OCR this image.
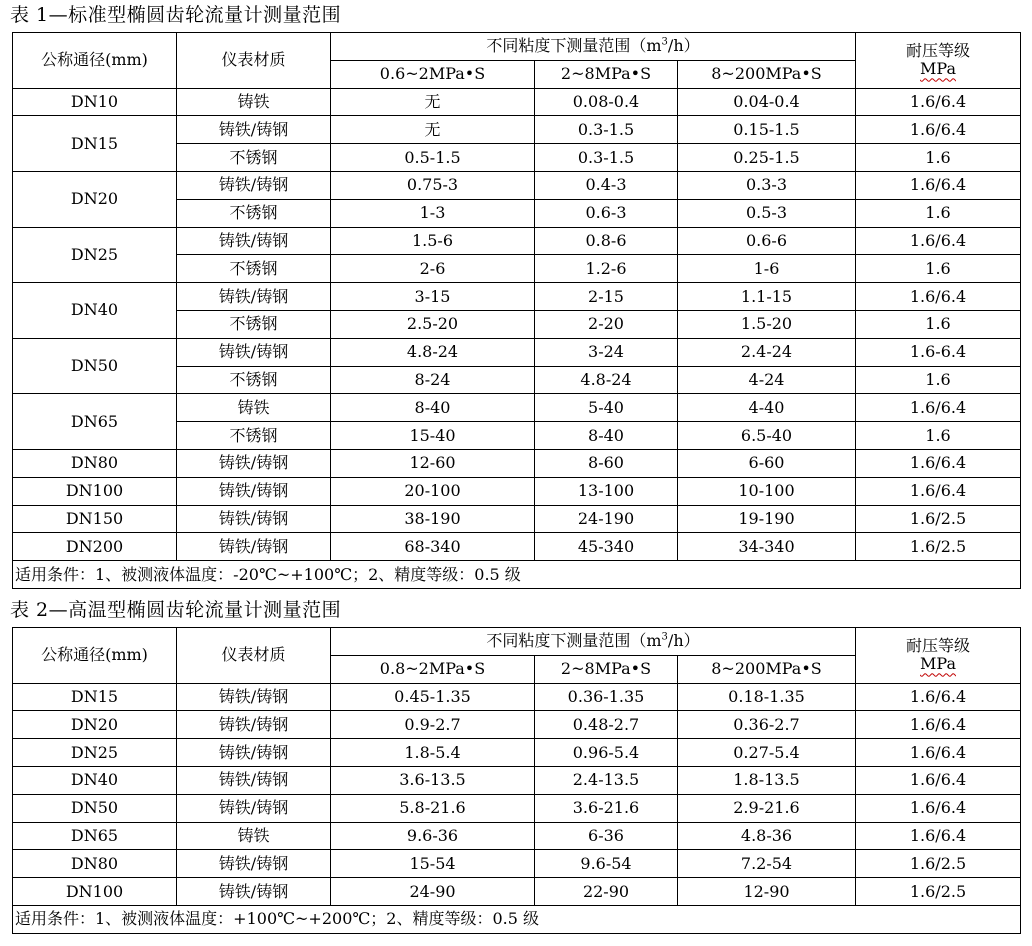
表 1—标准型椭圆齿轮流量计测量范围
公称通径(mm)	仪表材质	不同粘度下测量范围$(m^3/h)$			耐压等级
MPa

		0.6~2MPa•S	2~8MPa•S	8~200MPa•S	
DN10	铸铁	无	0.08-0.4	0.04-0.4	1.6/6.4
DN15	铸铁/铸钢	无	0.3-1.5	0.15-1.5	1.6/6.4
	不锈钢	0.5-1.5	0.3-1.5	0.25-1.5	1.6
DN20	铸铁/铸钢	0.75-3	0.4-3	0.3-3	1.6/6.4
	不锈钢	1-3	0.6-3	0.5-3	1.6
DN25	铸铁/铸钢	1.5-6	0.8-6	0.6-6	1.6/6.4
	不锈钢	2-6	1.2-6	1-6	1.6
DN40	铸铁/铸钢	3-15	2-15	1.1-15	1.6/6.4
	不锈钢	2.5-20	2-20	1.5-20	1.6
DN50	铸铁/铸钢	4.8-24	3-24	2.4-24	1.6-6.4
	不锈钢	8-24	4.8-24	4-24	1.6
DN65	铸铁	8-40	5-40	4-40	1.6/6.4
	不锈钢	15-40	8-40	6.5-40	1.6
DN80	铸铁/铸钢	12-60	8-60	6-60	1.6/6.4
DN100	铸铁/铸钢	20-100	13-100	10-100	1.6/6.4
DN150	铸铁/铸钢	38-190	24-190	19-190	1.6/2.5
DN200	铸铁/铸钢	68-340	45-340	34-340	1.6/2.5
适用条件：1、被测液体温度：-20℃~+100℃；2、精度等级：0.5 级					
表 2—高温型椭圆齿轮流量计测量范围
公称通径(mm)	仪表材质	不同粘度下测量范围$(m^3/h)$			耐压等级
MPa

		0.8~2MPa•S	2~8MPa•S	8~200MPa•S	
DN15	铸铁/铸钢	0.45-1.35	0.36-1.35	0.18-1.35	1.6/6.4
DN20	铸铁/铸钢	0.9-2.7	0.48-2.7	0.36-2.7	1.6/6.4
DN25	铸铁/铸钢	1.8-5.4	0.96-5.4	0.27-5.4	1.6/6.4
DN40	铸铁/铸钢	3.6-13.5	2.4-13.5	1.8-13.5	1.6/6.4
DN50	铸铁/铸钢	5.8-21.6	3.6-21.6	2.9-21.6	1.6/6.4
DN65	铸铁	9.6-36	6-36	4.8-36	1.6/6.4
DN80	铸铁/铸钢	15-54	9.6-54	7.2-54	1.6/2.5
DN100	铸铁/铸钢	24-90	22-90	12-90	1.6/2.5
适用条件：1、被测液体温度：+100℃~+200℃；2、精度等级：0.5 级					
